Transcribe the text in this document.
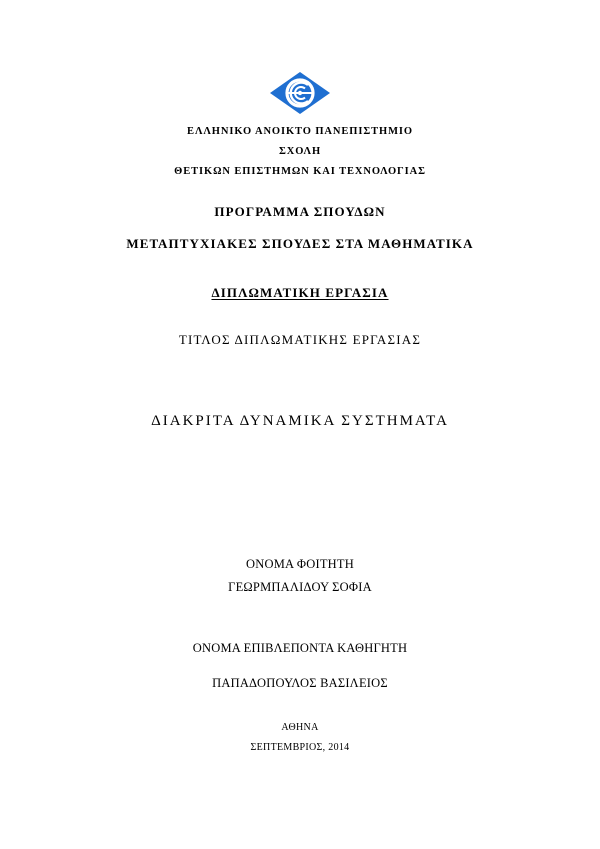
ΕΛΛΗΝΙΚΟ ΑΝΟΙΚΤΟ ΠΑΝΕΠΙΣΤΗΜΙΟ
ΣΧΟΛΗ
ΘΕΤΙΚΩΝ ΕΠΙΣΤΗΜΩΝ ΚΑΙ ΤΕΧΝΟΛΟΓΙΑΣ
ΠΡΟΓΡΑΜΜΑ ΣΠΟΥΔΩΝ
ΜΕΤΑΠΤΥΧΙΑΚΕΣ ΣΠΟΥΔΕΣ ΣΤΑ ΜΑΘΗΜΑΤΙΚΑ
ΔΙΠΛΩΜΑΤΙΚΗ ΕΡΓΑΣΙΑ
ΤΙΤΛΟΣ ΔΙΠΛΩΜΑΤΙΚΗΣ ΕΡΓΑΣΙΑΣ
ΔΙΑΚΡΙΤΑ ΔΥΝΑΜΙΚΑ ΣΥΣΤΗΜΑΤΑ
ΟΝΟΜΑ ΦΟΙΤΗΤΗ
ΓΕΩΡΜΠΑΛΙΔΟΥ ΣΟΦΙΑ
ΟΝΟΜΑ ΕΠΙΒΛΕΠΟΝΤΑ ΚΑΘΗΓΗΤΗ
ΠΑΠΑΔΟΠΟΥΛΟΣ ΒΑΣΙΛΕΙΟΣ
ΑΘΗΝΑ
ΣΕΠΤΕΜΒΡΙΟΣ, 2014
